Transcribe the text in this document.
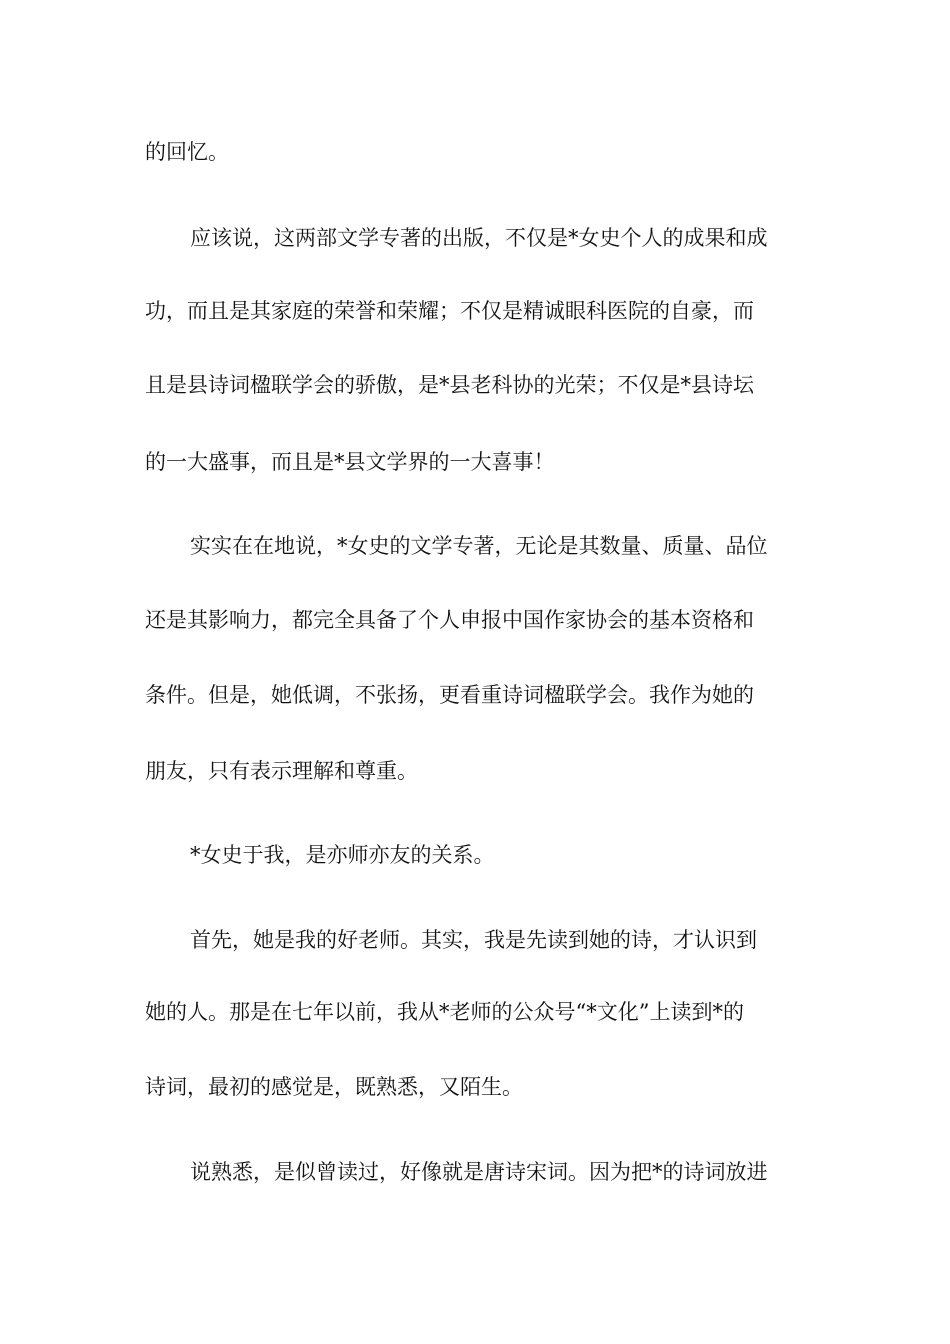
的回忆。
应该说，这两部文学专著的出版，不仅是*女史个人的成果和成
功，而且是其家庭的荣誉和荣耀；不仅是精诚眼科医院的自豪，而
且是县诗词楹联学会的骄傲，是*县老科协的光荣；不仅是*县诗坛
的一大盛事，而且是*县文学界的一大喜事！
实实在在地说，*女史的文学专著，无论是其数量、质量、品位
还是其影响力，都完全具备了个人申报中国作家协会的基本资格和
条件。但是，她低调，不张扬，更看重诗词楹联学会。我作为她的
朋友，只有表示理解和尊重。
*女史于我，是亦师亦友的关系。
首先，她是我的好老师。其实，我是先读到她的诗，才认识到
她的人。那是在七年以前，我从*老师的公众号“*文化”上读到*的
诗词，最初的感觉是，既熟悉，又陌生。
说熟悉，是似曾读过，好像就是唐诗宋词。因为把*的诗词放进
